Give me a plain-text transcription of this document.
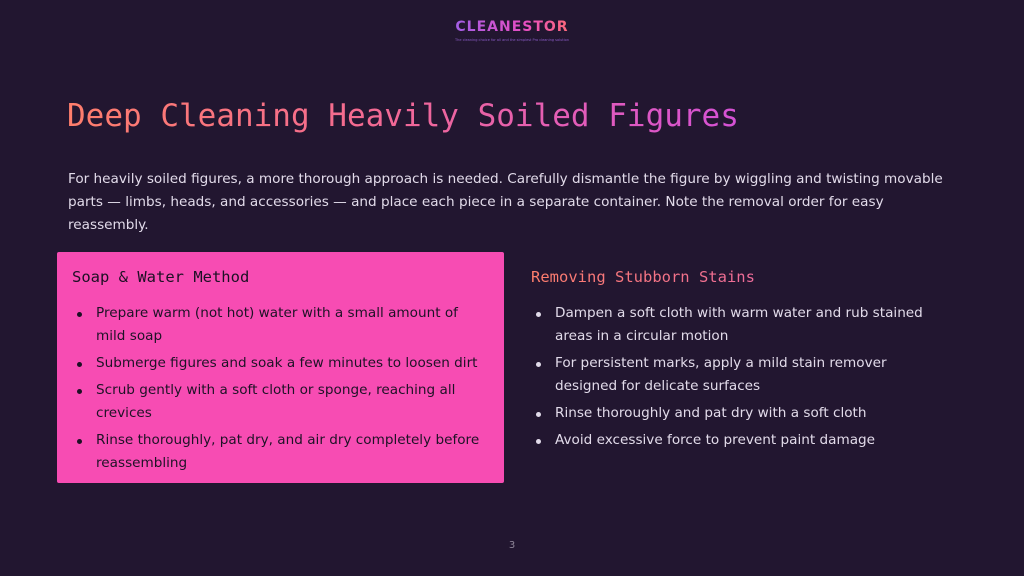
CLEANESTOR
The cleaning choice for all and the simplest Pro cleaning solution
Deep Cleaning Heavily Soiled Figures

For heavily soiled figures, a more thorough approach is needed. Carefully dismantle the figure by wiggling and twisting movable parts — limbs, heads, and accessories — and place each piece in a separate container. Note the removal order for easy reassembly.

Soap & Water Method
Prepare warm (not hot) water with a small amount of mild soap
Submerge figures and soak a few minutes to loosen dirt
Scrub gently with a soft cloth or sponge, reaching all crevices
Rinse thoroughly, pat dry, and air dry completely before reassembling
Removing Stubborn Stains
Dampen a soft cloth with warm water and rub stained areas in a circular motion
For persistent marks, apply a mild stain remover designed for delicate surfaces
Rinse thoroughly and pat dry with a soft cloth
Avoid excessive force to prevent paint damage
3
